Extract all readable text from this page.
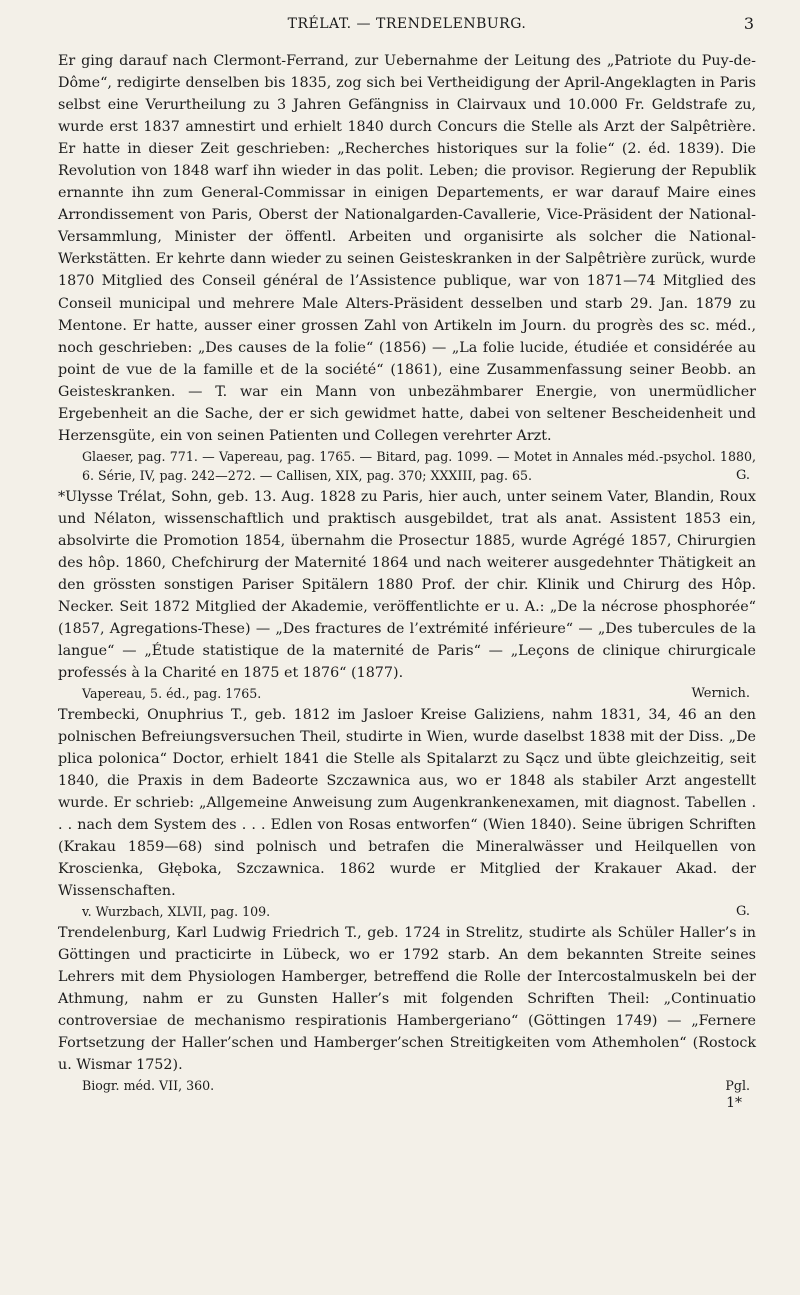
TRÉLAT. — TRENDELENBURG.	3

Er ging darauf nach Clermont-Ferrand, zur Uebernahme der Leitung des „Patriote du Puy-de-Dôme“, redigirte denselben bis 1835, zog sich bei Vertheidigung der April-Angeklagten in Paris selbst eine Verurtheilung zu 3 Jahren Gefängniss in Clairvaux und 10.000 Fr. Geldstrafe zu, wurde erst 1837 amnestirt und erhielt 1840 durch Concurs die Stelle als Arzt der Salpêtrière. Er hatte in dieser Zeit geschrieben: „Recherches historiques sur la folie“ (2. éd. 1839). Die Revolution von 1848 warf ihn wieder in das polit. Leben; die provisor. Regierung der Republik ernannte ihn zum General-Commissar in einigen Departements, er war darauf Maire eines Arrondissement von Paris, Oberst der Nationalgarden-Cavallerie, Vice-Präsident der National-Versammlung, Minister der öffentl. Arbeiten und organisirte als solcher die National-Werkstätten. Er kehrte dann wieder zu seinen Geisteskranken in der Salpêtrière zurück, wurde 1870 Mitglied des Conseil général de l’Assistence publique, war von 1871—74 Mitglied des Conseil municipal und mehrere Male Alters-Präsident desselben und starb 29. Jan. 1879 zu Mentone. Er hatte, ausser einer grossen Zahl von Artikeln im Journ. du progrès des sc. méd., noch geschrieben: „Des causes de la folie“ (1856) — „La folie lucide, étudiée et considérée au point de vue de la famille et de la société“ (1861), eine Zusammenfassung seiner Beobb. an Geisteskranken. — T. war ein Mann von unbezähmbarer Energie, von unermüdlicher Ergebenheit an die Sache, der er sich gewidmet hatte, dabei von seltener Bescheidenheit und Herzensgüte, ein von seinen Patienten und Collegen verehrter Arzt.

Glaeser, pag. 771. — Vapereau, pag. 1765. — Bitard, pag. 1099. — Motet in Annales méd.-psychol. 1880, 6. Série, IV, pag. 242—272. — Callisen, XIX, pag. 370; XXXIII, pag. 65.	G.

*Ulysse Trélat, Sohn, geb. 13. Aug. 1828 zu Paris, hier auch, unter seinem Vater, Blandin, Roux und Nélaton, wissenschaftlich und praktisch ausgebildet, trat als anat. Assistent 1853 ein, absolvirte die Promotion 1854, übernahm die Prosectur 1885, wurde Agrégé 1857, Chirurgien des hôp. 1860, Chefchirurg der Maternité 1864 und nach weiterer ausgedehnter Thätigkeit an den grössten sonstigen Pariser Spitälern 1880 Prof. der chir. Klinik und Chirurg des Hôp. Necker. Seit 1872 Mitglied der Akademie, veröffentlichte er u. A.: „De la nécrose phosphorée“ (1857, Agregations-These) — „Des fractures de l’extrémité inférieure“ — „Des tubercules de la langue“ — „Étude statistique de la maternité de Paris“ — „Leçons de clinique chirurgicale professés à la Charité en 1875 et 1876“ (1877).

Vapereau, 5. éd., pag. 1765.	Wernich.

Trembecki, Onuphrius T., geb. 1812 im Jasloer Kreise Galiziens, nahm 1831, 34, 46 an den polnischen Befreiungsversuchen Theil, studirte in Wien, wurde daselbst 1838 mit der Diss. „De plica polonica“ Doctor, erhielt 1841 die Stelle als Spitalarzt zu Sącz und übte gleichzeitig, seit 1840, die Praxis in dem Badeorte Szczawnica aus, wo er 1848 als stabiler Arzt angestellt wurde. Er schrieb: „Allgemeine Anweisung zum Augenkrankenexamen, mit diagnost. Tabellen . . . nach dem System des . . . Edlen von Rosas entworfen“ (Wien 1840). Seine übrigen Schriften (Krakau 1859—68) sind polnisch und betrafen die Mineralwässer und Heilquellen von Kroscienka, Głęboka, Szczawnica. 1862 wurde er Mitglied der Krakauer Akad. der Wissenschaften.

v. Wurzbach, XLVII, pag. 109.	G.

Trendelenburg, Karl Ludwig Friedrich T., geb. 1724 in Strelitz, studirte als Schüler Haller’s in Göttingen und practicirte in Lübeck, wo er 1792 starb. An dem bekannten Streite seines Lehrers mit dem Physiologen Hamberger, betreffend die Rolle der Intercostalmuskeln bei der Athmung, nahm er zu Gunsten Haller’s mit folgenden Schriften Theil: „Continuatio controversiae de mechanismo respirationis Hambergeriano“ (Göttingen 1749) — „Fernere Fortsetzung der Haller’schen und Hamberger’schen Streitigkeiten vom Athemholen“ (Rostock u. Wismar 1752).

Biogr. méd. VII, 360.	Pgl.
1*
